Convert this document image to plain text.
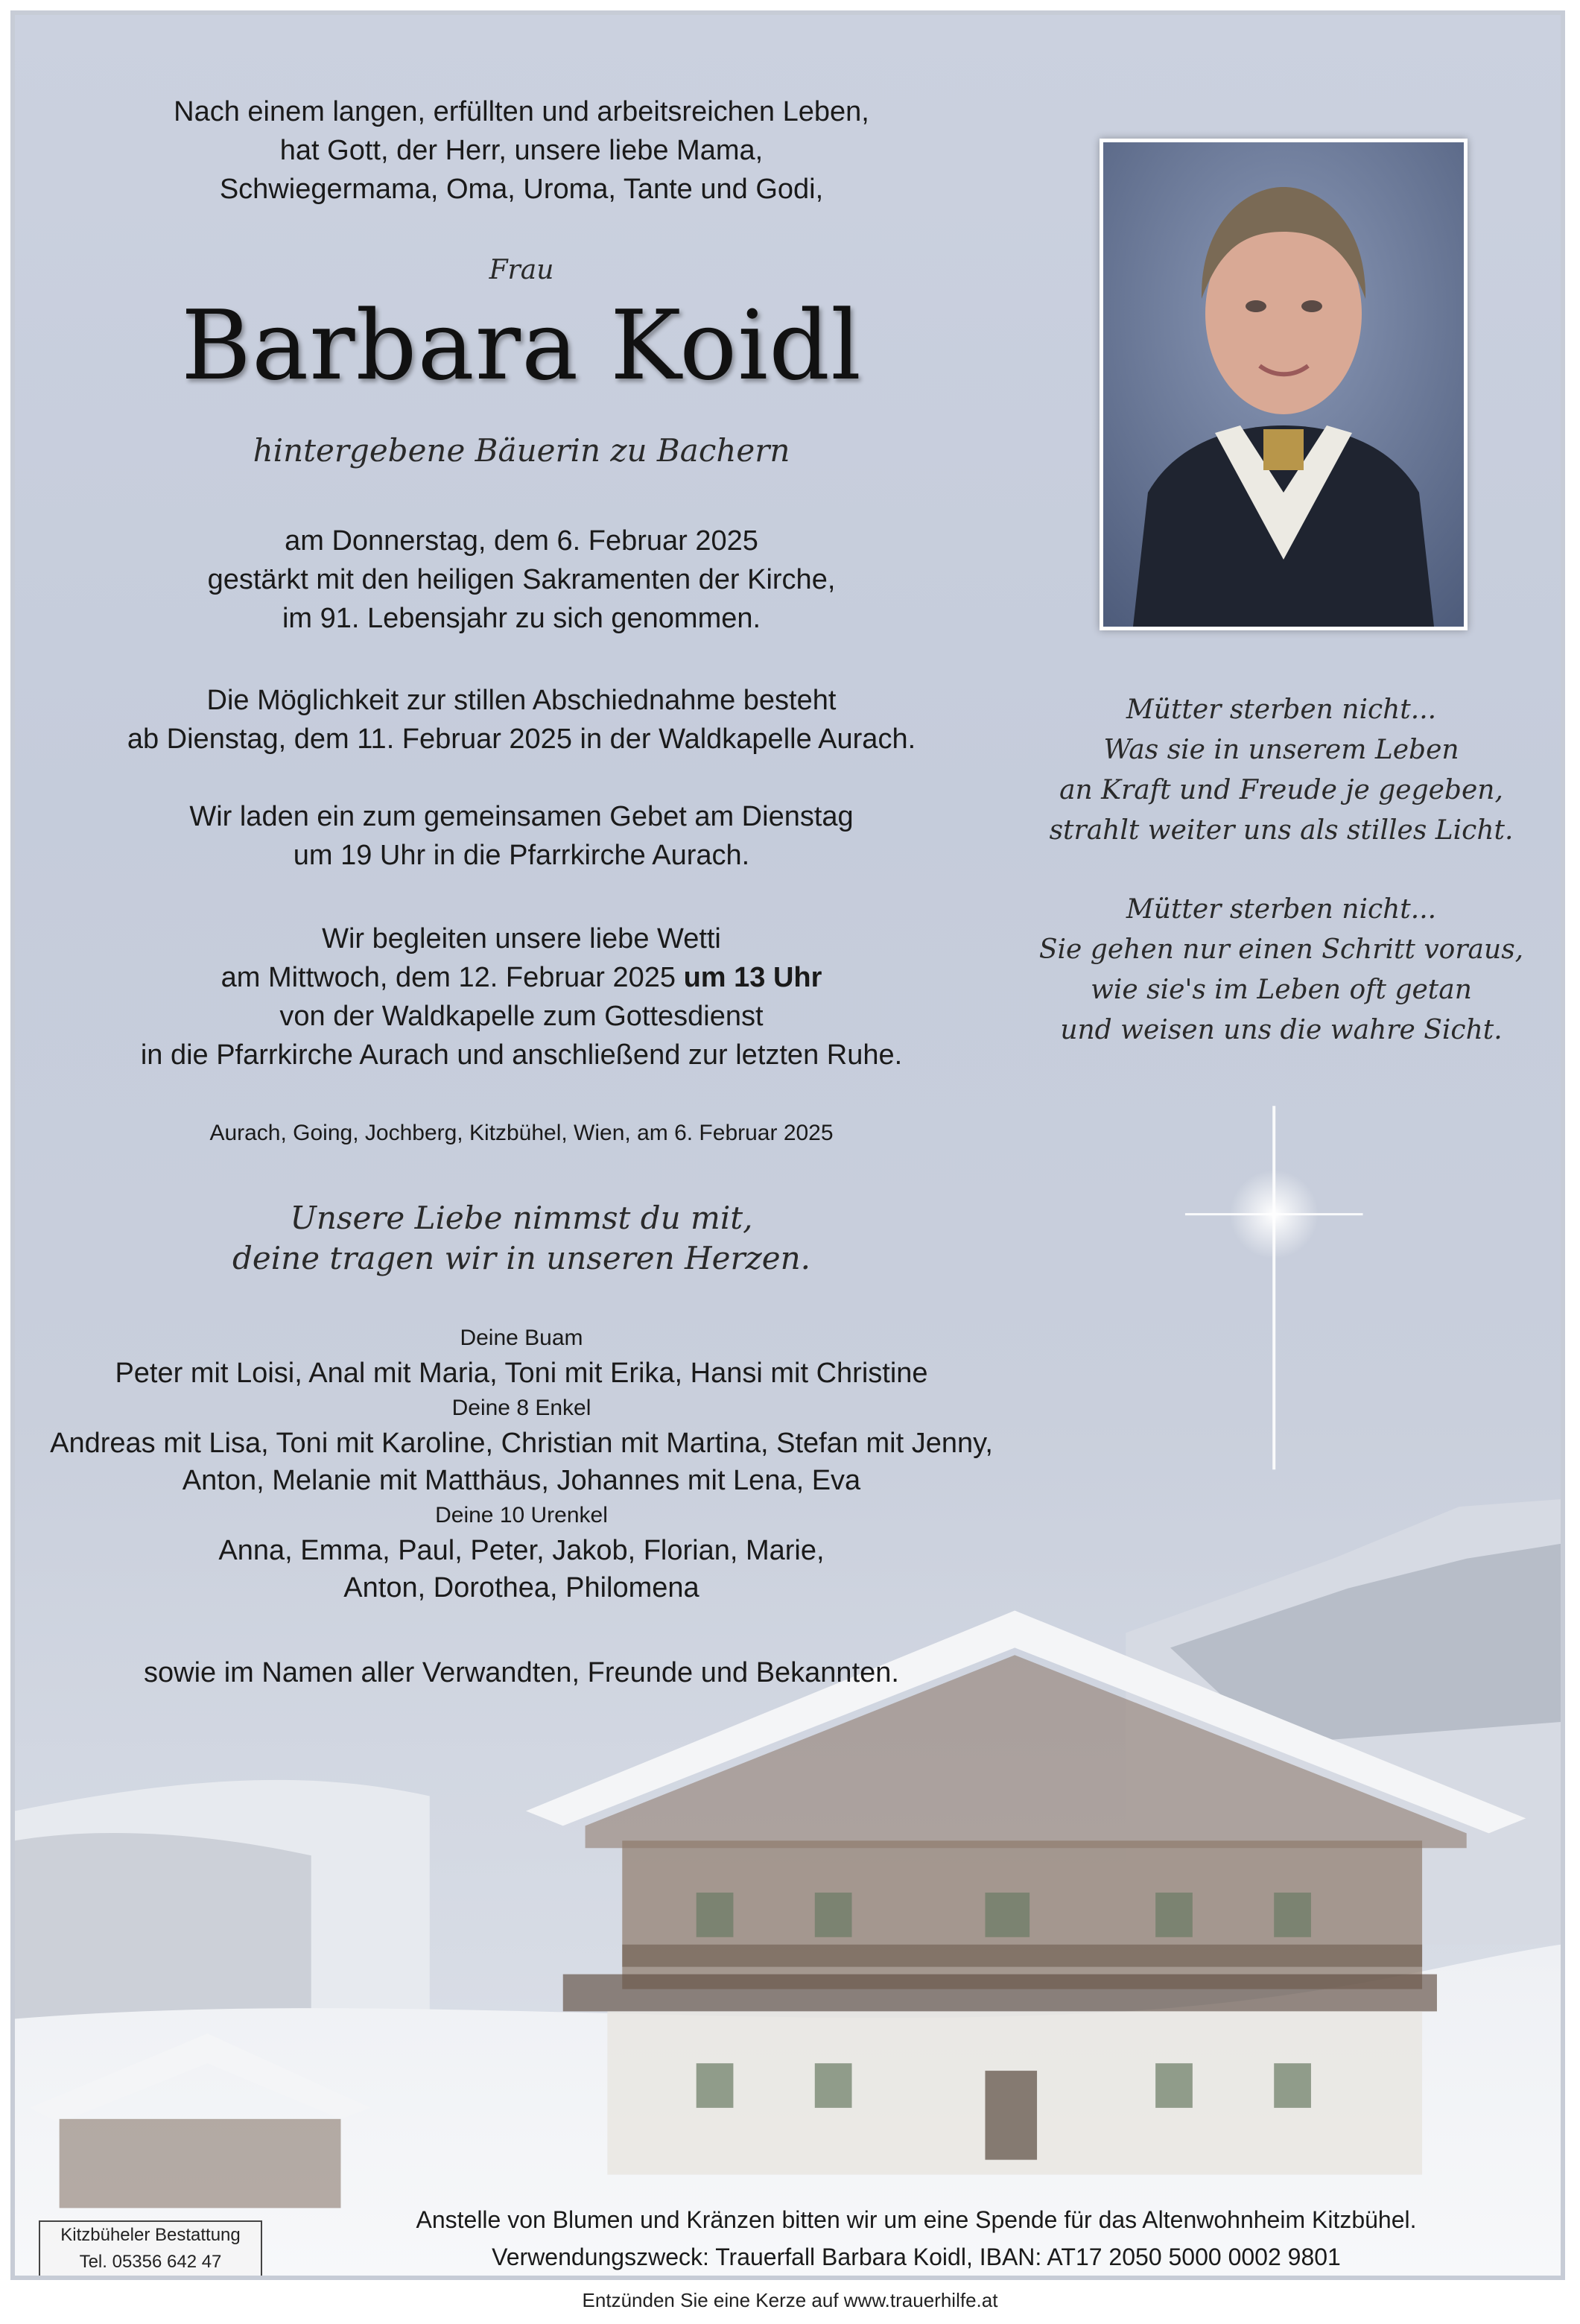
Nach einem langen, erfüllten und arbeitsreichen Leben,
hat Gott, der Herr, unsere liebe Mama,
Schwiegermama, Oma, Uroma, Tante und Godi,
Frau
Barbara Koidl
hintergebene Bäuerin zu Bachern
am Donnerstag, dem 6. Februar 2025
gestärkt mit den heiligen Sakramenten der Kirche,
im 91. Lebensjahr zu sich genommen.
Die Möglichkeit zur stillen Abschiednahme besteht
ab Dienstag, dem 11. Februar 2025 in der Waldkapelle Aurach.
Wir laden ein zum gemeinsamen Gebet am Dienstag
um 19 Uhr in die Pfarrkirche Aurach.
Wir begleiten unsere liebe Wetti
am Mittwoch, dem 12. Februar 2025 um 13 Uhr
von der Waldkapelle zum Gottesdienst
in die Pfarrkirche Aurach und anschließend zur letzten Ruhe.
Aurach, Going, Jochberg, Kitzbühel, Wien, am 6. Februar 2025
Unsere Liebe nimmst du mit,
deine tragen wir in unseren Herzen.
Deine Buam
Peter mit Loisi, Anal mit Maria, Toni mit Erika, Hansi mit Christine
Deine 8 Enkel
Andreas mit Lisa, Toni mit Karoline, Christian mit Martina, Stefan mit Jenny,
Anton, Melanie mit Matthäus, Johannes mit Lena, Eva
Deine 10 Urenkel
Anna, Emma, Paul, Peter, Jakob, Florian, Marie,
Anton, Dorothea, Philomena
sowie im Namen aller Verwandten, Freunde und Bekannten.
Mütter sterben nicht...
Was sie in unserem Leben
an Kraft und Freude je gegeben,
strahlt weiter uns als stilles Licht.
Mütter sterben nicht...
Sie gehen nur einen Schritt voraus,
wie sie's im Leben oft getan
und weisen uns die wahre Sicht.
Anstelle von Blumen und Kränzen bitten wir um eine Spende für das Altenwohnheim Kitzbühel.
Verwendungszweck: Trauerfall Barbara Koidl, IBAN: AT17 2050 5000 0002 9801
Kitzbüheler Bestattung
Tel. 05356 642 47
Entzünden Sie eine Kerze auf www.trauerhilfe.at
